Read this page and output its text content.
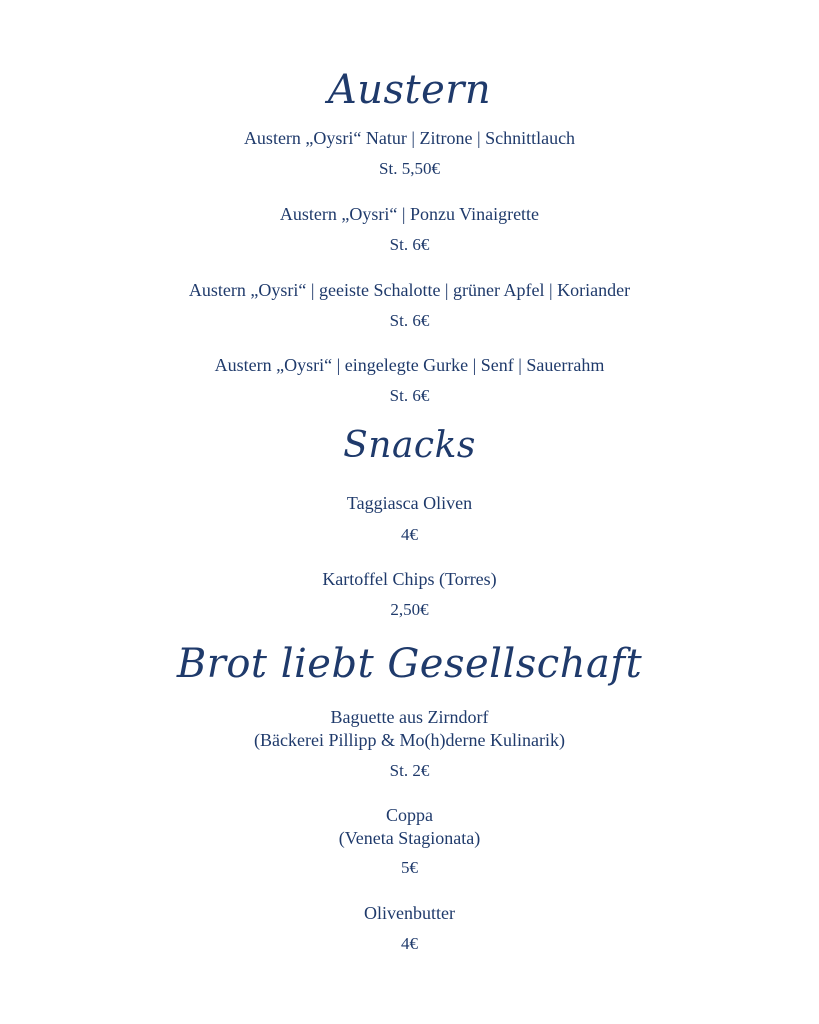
Austern
Austern „Oysri“ Natur | Zitrone | Schnittlauch
St. 5,50€
Austern „Oysri“ | Ponzu Vinaigrette
St. 6€
Austern „Oysri“ | geeiste Schalotte | grüner Apfel | Koriander
St. 6€
Austern „Oysri“ | eingelegte Gurke | Senf | Sauerrahm
St. 6€
Snacks
Taggiasca Oliven
4€
Kartoffel Chips (Torres)
2,50€
Brot liebt Gesellschaft
Baguette aus Zirndorf
(Bäckerei Pillipp & Mo(h)derne Kulinarik)
St. 2€
Coppa
(Veneta Stagionata)
5€
Olivenbutter
4€
